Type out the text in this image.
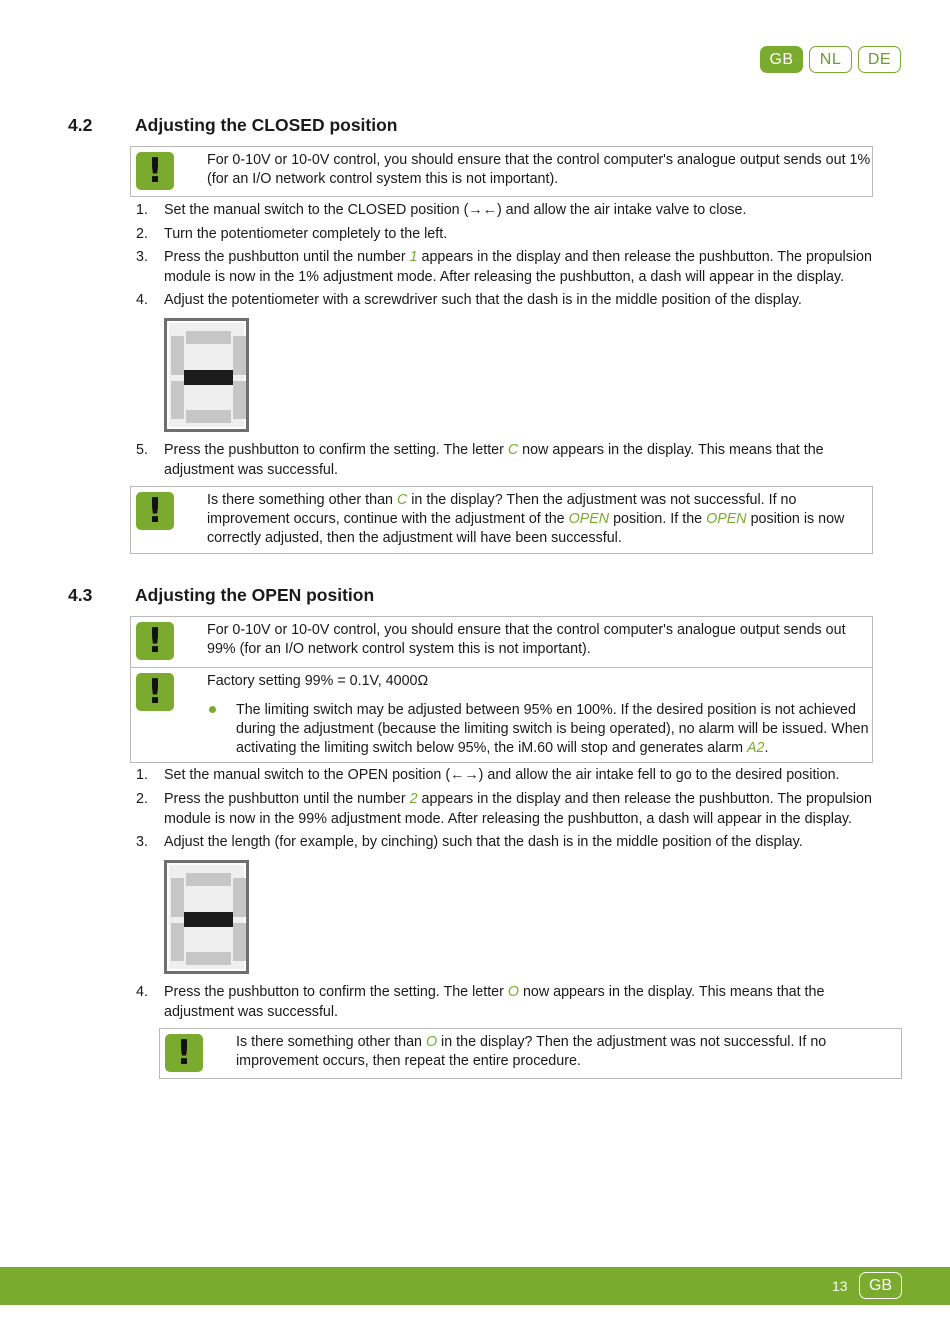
GB	NL	DE
4.2	Adjusting the CLOSED position
!	For 0-10V or 10-0V control, you should ensure that the control computer's analogue output sends out 1%
(for an I/O network control system this is not important).
1. Set the manual switch to the CLOSED position (→←) and allow the air intake valve to close.
2. Turn the potentiometer completely to the left.
3. Press the pushbutton until the number 1 appears in the display and then release the pushbutton. The propulsion
module is now in the 1% adjustment mode. After releasing the pushbutton, a dash will appear in the display.
4. Adjust the potentiometer with a screwdriver such that the dash is in the middle position of the display.
5. Press the pushbutton to confirm the setting. The letter C now appears in the display. This means that the
adjustment was successful.
!	Is there something other than C in the display? Then the adjustment was not successful. If no
improvement occurs, continue with the adjustment of the OPEN position. If the OPEN position is now
correctly adjusted, then the adjustment will have been successful.
4.3	Adjusting the OPEN position
!	For 0-10V or 10-0V control, you should ensure that the control computer's analogue output sends out
99% (for an I/O network control system this is not important).
!	Factory setting 99% = 0.1V, 4000Ω
The limiting switch may be adjusted between 95% en 100%. If the desired position is not achieved
during the adjustment (because the limiting switch is being operated), no alarm will be issued. When
activating the limiting switch below 95%, the iM.60 will stop and generates alarm A2.
1. Set the manual switch to the OPEN position (←→) and allow the air intake fell to go to the desired position.
2. Press the pushbutton until the number 2 appears in the display and then release the pushbutton. The propulsion
module is now in the 99% adjustment mode. After releasing the pushbutton, a dash will appear in the display.
3. Adjust the length (for example, by cinching) such that the dash is in the middle position of the display.
4. Press the pushbutton to confirm the setting. The letter O now appears in the display. This means that the
adjustment was successful.
!	Is there something other than O in the display? Then the adjustment was not successful. If no
improvement occurs, then repeat the entire procedure.
13	GB
